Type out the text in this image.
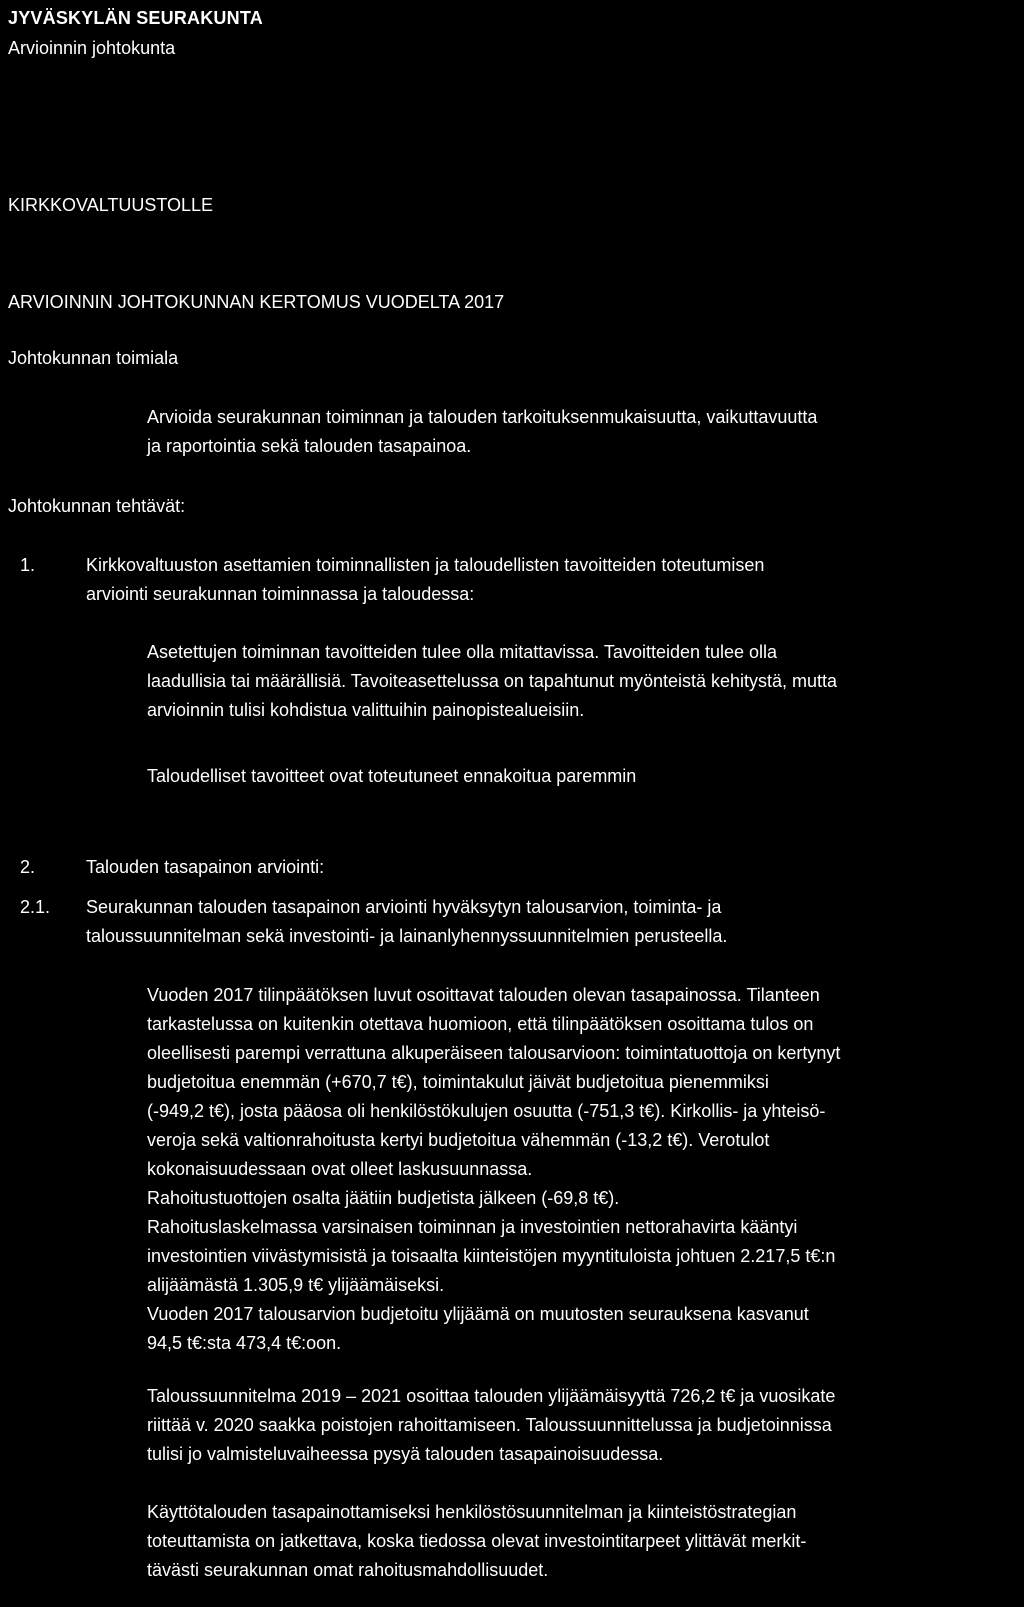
JYVÄSKYLÄN SEURAKUNTA
Arvioinnin johtokunta
KIRKKOVALTUUSTOLLE
ARVIOINNIN JOHTOKUNNAN KERTOMUS VUODELTA 2017
Johtokunnan toimiala

Arvioida seurakunnan toiminnan ja talouden tarkoituksenmukaisuutta, vaikuttavuutta
ja raportointia sekä talouden tasapainoa.

Johtokunnan tehtävät:
1.	Kirkkovaltuuston asettamien toiminnallisten ja taloudellisten tavoitteiden toteutumisen
arviointi seurakunnan toiminnassa ja taloudessa:

Asetettujen toiminnan tavoitteiden tulee olla mitattavissa. Tavoitteiden tulee olla
laadullisia tai määrällisiä. Tavoiteasettelussa on tapahtunut myönteistä kehitystä, mutta
arvioinnin tulisi kohdistua valittuihin painopistealueisiin.

Taloudelliset tavoitteet ovat toteutuneet ennakoitua paremmin

2.	Talouden tasapainon arviointi:
2.1. Seurakunnan talouden tasapainon arviointi hyväksytyn talousarvion, toiminta- ja
taloussuunnitelman sekä investointi- ja lainanlyhennyssuunnitelmien perusteella.

Vuoden 2017 tilinpäätöksen luvut osoittavat talouden olevan tasapainossa. Tilanteen
tarkastelussa on kuitenkin otettava huomioon, että tilinpäätöksen osoittama tulos on
oleellisesti parempi verrattuna alkuperäiseen talousarvioon: toimintatuottoja on kertynyt
budjetoitua enemmän (+670,7 t€), toimintakulut jäivät budjetoitua pienemmiksi
(-949,2 t€), josta pääosa oli henkilöstökulujen osuutta (-751,3 t€). Kirkollis- ja yhteisö-
veroja sekä valtionrahoitusta kertyi budjetoitua vähemmän (-13,2 t€). Verotulot
kokonaisuudessaan ovat olleet laskusuunnassa.
Rahoitustuottojen osalta jäätiin budjetista jälkeen (-69,8 t€).
Rahoituslaskelmassa varsinaisen toiminnan ja investointien nettorahavirta kääntyi
investointien viivästymisistä ja toisaalta kiinteistöjen myyntituloista johtuen 2.217,5 t€:n
alijäämästä 1.305,9 t€ ylijäämäiseksi.
Vuoden 2017 talousarvion budjetoitu ylijäämä on muutosten seurauksena kasvanut
94,5 t€:sta 473,4 t€:oon.

Taloussuunnitelma 2019 – 2021 osoittaa talouden ylijäämäisyyttä 726,2 t€ ja vuosikate
riittää v. 2020 saakka poistojen rahoittamiseen. Taloussuunnittelussa ja budjetoinnissa
tulisi jo valmisteluvaiheessa pysyä talouden tasapainoisuudessa.

Käyttötalouden tasapainottamiseksi henkilöstösuunnitelman ja kiinteistöstrategian
toteuttamista on jatkettava, koska tiedossa olevat investointitarpeet ylittävät merkit-
tävästi seurakunnan omat rahoitusmahdollisuudet.
